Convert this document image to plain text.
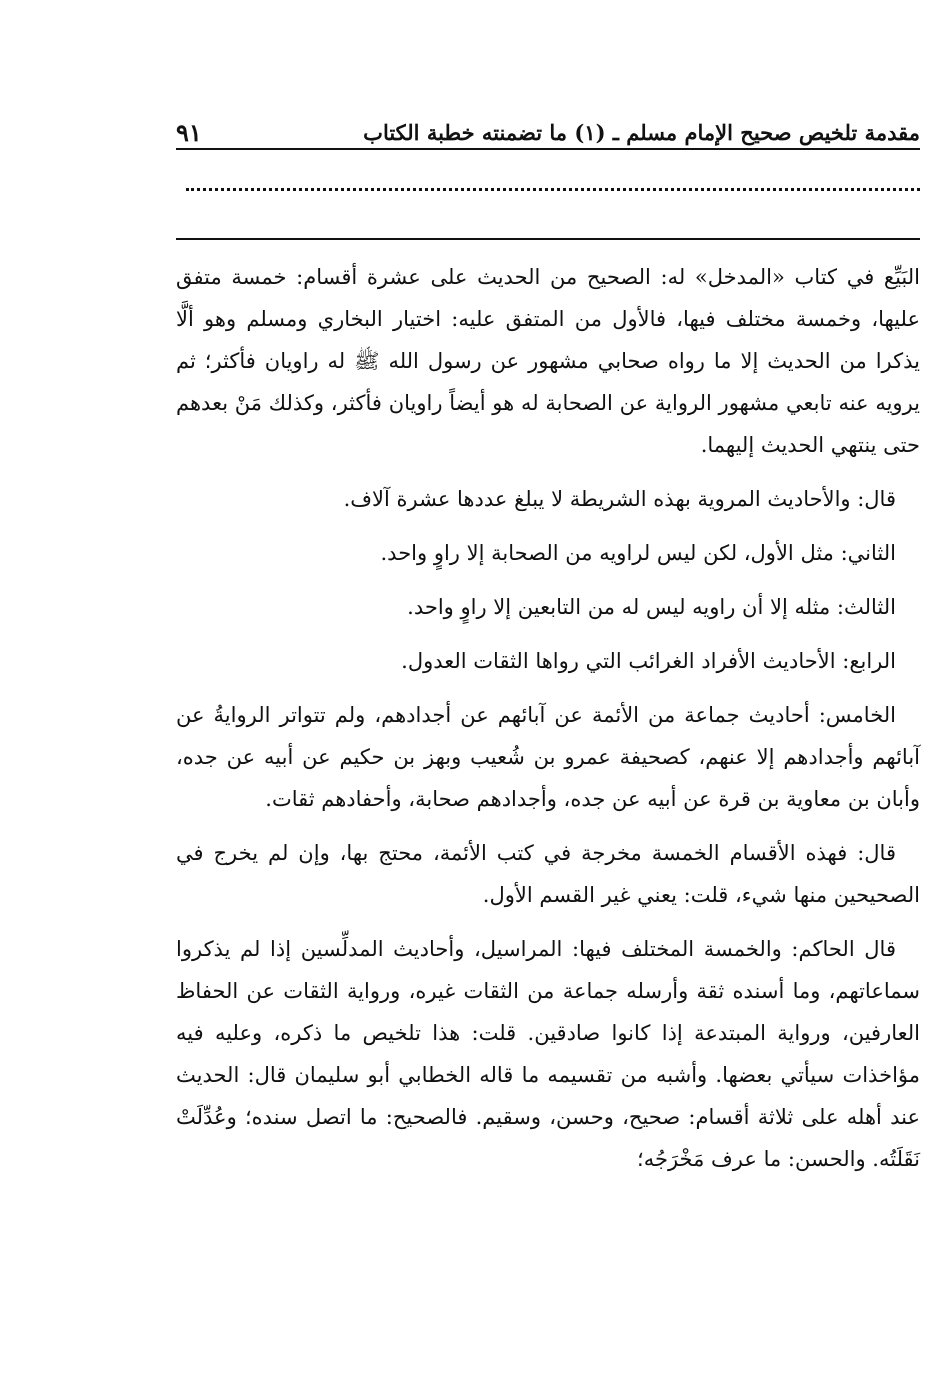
مقدمة تلخيص صحيح الإمام مسلم ـ (١) ما تضمنته خطبة الكتاب
٩١

البَيِّع في كتاب «المدخل» له: الصحيح من الحديث على عشرة أقسام: خمسة متفق عليها، وخمسة مختلف فيها، فالأول من المتفق عليه: اختيار البخاري ومسلم وهو ألَّا يذكرا من الحديث إلا ما رواه صحابي مشهور عن رسول الله ﷺ له راويان فأكثر؛ ثم يرويه عنه تابعي مشهور الرواية عن الصحابة له هو أيضاً راويان فأكثر، وكذلك مَنْ بعدهم حتى ينتهي الحديث إليهما.

قال: والأحاديث المروية بهذه الشريطة لا يبلغ عددها عشرة آلاف.

الثاني: مثل الأول، لكن ليس لراويه من الصحابة إلا راوٍ واحد.

الثالث: مثله إلا أن راويه ليس له من التابعين إلا راوٍ واحد.

الرابع: الأحاديث الأفراد الغرائب التي رواها الثقات العدول.

الخامس: أحاديث جماعة من الأئمة عن آبائهم عن أجدادهم، ولم تتواتر الروايةُ عن آبائهم وأجدادهم إلا عنهم، كصحيفة عمرو بن شُعيب وبهز بن حكيم عن أبيه عن جده، وأبان بن معاوية بن قرة عن أبيه عن جده، وأجدادهم صحابة، وأحفادهم ثقات.

قال: فهذه الأقسام الخمسة مخرجة في كتب الأئمة، محتج بها، وإن لم يخرج في الصحيحين منها شيء، قلت: يعني غير القسم الأول.

قال الحاكم: والخمسة المختلف فيها: المراسيل، وأحاديث المدلِّسين إذا لم يذكروا سماعاتهم، وما أسنده ثقة وأرسله جماعة من الثقات غيره، ورواية الثقات عن الحفاظ العارفين، ورواية المبتدعة إذا كانوا صادقين. قلت: هذا تلخيص ما ذكره، وعليه فيه مؤاخذات سيأتي بعضها. وأشبه من تقسيمه ما قاله الخطابي أبو سليمان قال: الحديث عند أهله على ثلاثة أقسام: صحيح، وحسن، وسقيم. فالصحيح: ما اتصل سنده؛ وعُدِّلَتْ نَقَلَتُه. والحسن: ما عرف مَخْرَجُه؛
